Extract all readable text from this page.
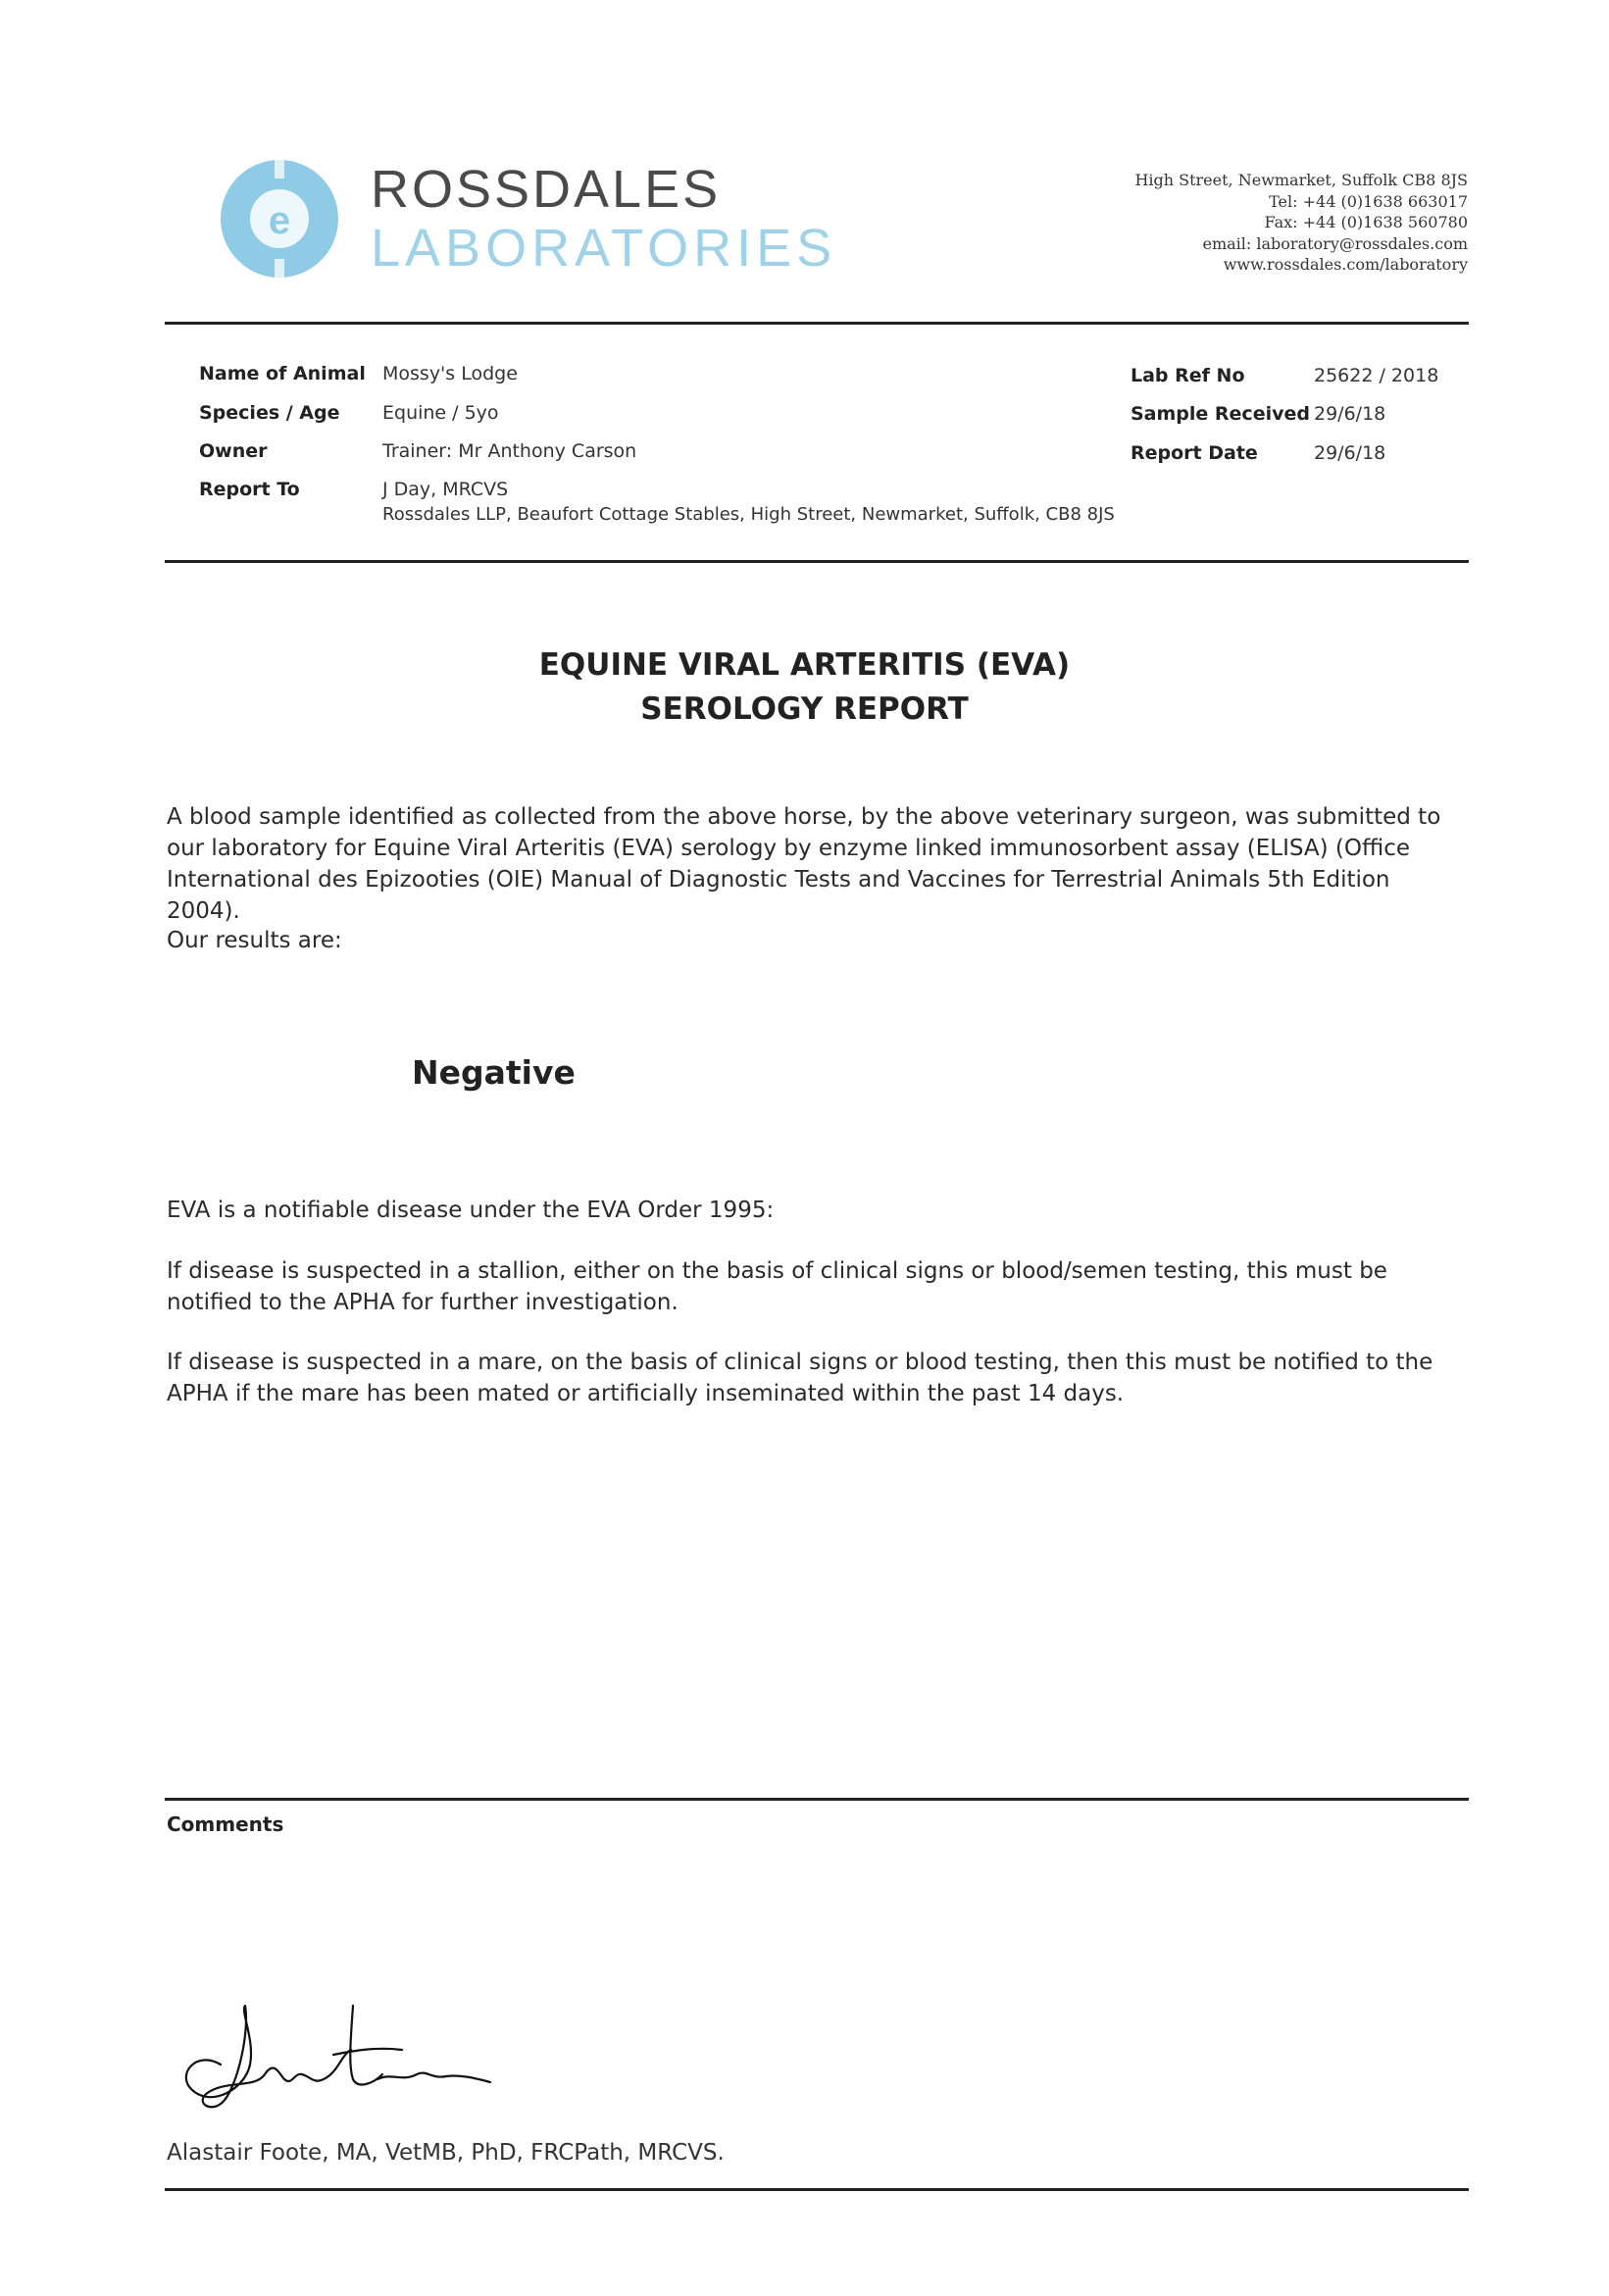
e
ROSSDALES
LABORATORIES
High Street, Newmarket, Suffolk CB8 8JS
Tel: +44 (0)1638 663017
Fax: +44 (0)1638 560780
email: laboratory@rossdales.com
www.rossdales.com/laboratory
Name of Animal Mossy's Lodge
Species / Age Equine / 5yo
Owner	Trainer: Mr Anthony Carson
Report To	J Day, MRCVS
Rossdales LLP, Beaufort Cottage Stables, High Street, Newmarket, Suffolk, CB8 8JS
Lab Ref No	25622 / 2018
Sample Received 29/6/18
Report Date	29/6/18
EQUINE VIRAL ARTERITIS (EVA)
SEROLOGY REPORT
A blood sample identified as collected from the above horse, by the above veterinary surgeon, was submitted to our laboratory for Equine Viral Arteritis (EVA) serology by enzyme linked immunosorbent assay (ELISA) (Office International des Epizooties (OIE) Manual of Diagnostic Tests and Vaccines for Terrestrial Animals 5th Edition 2004).
Our results are:
Negative
EVA is a notifiable disease under the EVA Order 1995:
If disease is suspected in a stallion, either on the basis of clinical signs or blood/semen testing, this must be notified to the APHA for further investigation.
If disease is suspected in a mare, on the basis of clinical signs or blood testing, then this must be notified to the APHA if the mare has been mated or artificially inseminated within the past 14 days.
Comments
Alastair Foote, MA, VetMB, PhD, FRCPath, MRCVS.
